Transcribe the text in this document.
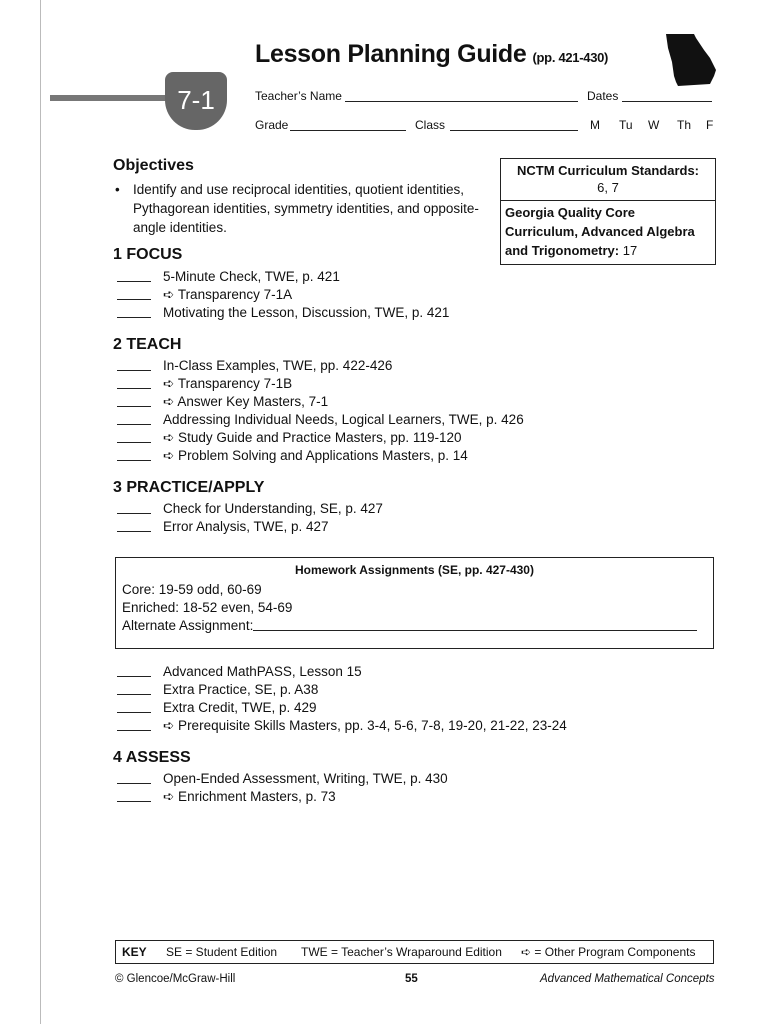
7-1
Lesson Planning Guide (pp. 421-430)
Teacher’s Name	Dates
Grade	Class	M Tu W Th F
Objectives
• Identify and use reciprocal identities, quotient identities, Pythagorean identities, symmetry identities, and opposite-angle identities.
NCTM Curriculum Standards:
6, 7
Georgia Quality Core Curriculum, Advanced Algebra and Trigonometry: 17
1 FOCUS
5-Minute Check, TWE, p. 421
➪ Transparency 7-1A
Motivating the Lesson, Discussion, TWE, p. 421
2 TEACH
In-Class Examples, TWE, pp. 422-426
➪ Transparency 7-1B
➪ Answer Key Masters, 7-1
Addressing Individual Needs, Logical Learners, TWE, p. 426
➪ Study Guide and Practice Masters, pp. 119-120
➪ Problem Solving and Applications Masters, p. 14
3 PRACTICE/APPLY
Check for Understanding, SE, p. 427
Error Analysis, TWE, p. 427
Homework Assignments (SE, pp. 427-430)
Core: 19-59 odd, 60-69
Enriched: 18-52 even, 54-69
Alternate Assignment:
Advanced MathPASS, Lesson 15
Extra Practice, SE, p. A38
Extra Credit, TWE, p. 429
➪ Prerequisite Skills Masters, pp. 3-4, 5-6, 7-8, 19-20, 21-22, 23-24
4 ASSESS
Open-Ended Assessment, Writing, TWE, p. 430
➪ Enrichment Masters, p. 73
KEY SE = Student Edition TWE = Teacher’s Wraparound Edition ➪ = Other Program Components
© Glencoe/McGraw-Hill	55	Advanced Mathematical Concepts
